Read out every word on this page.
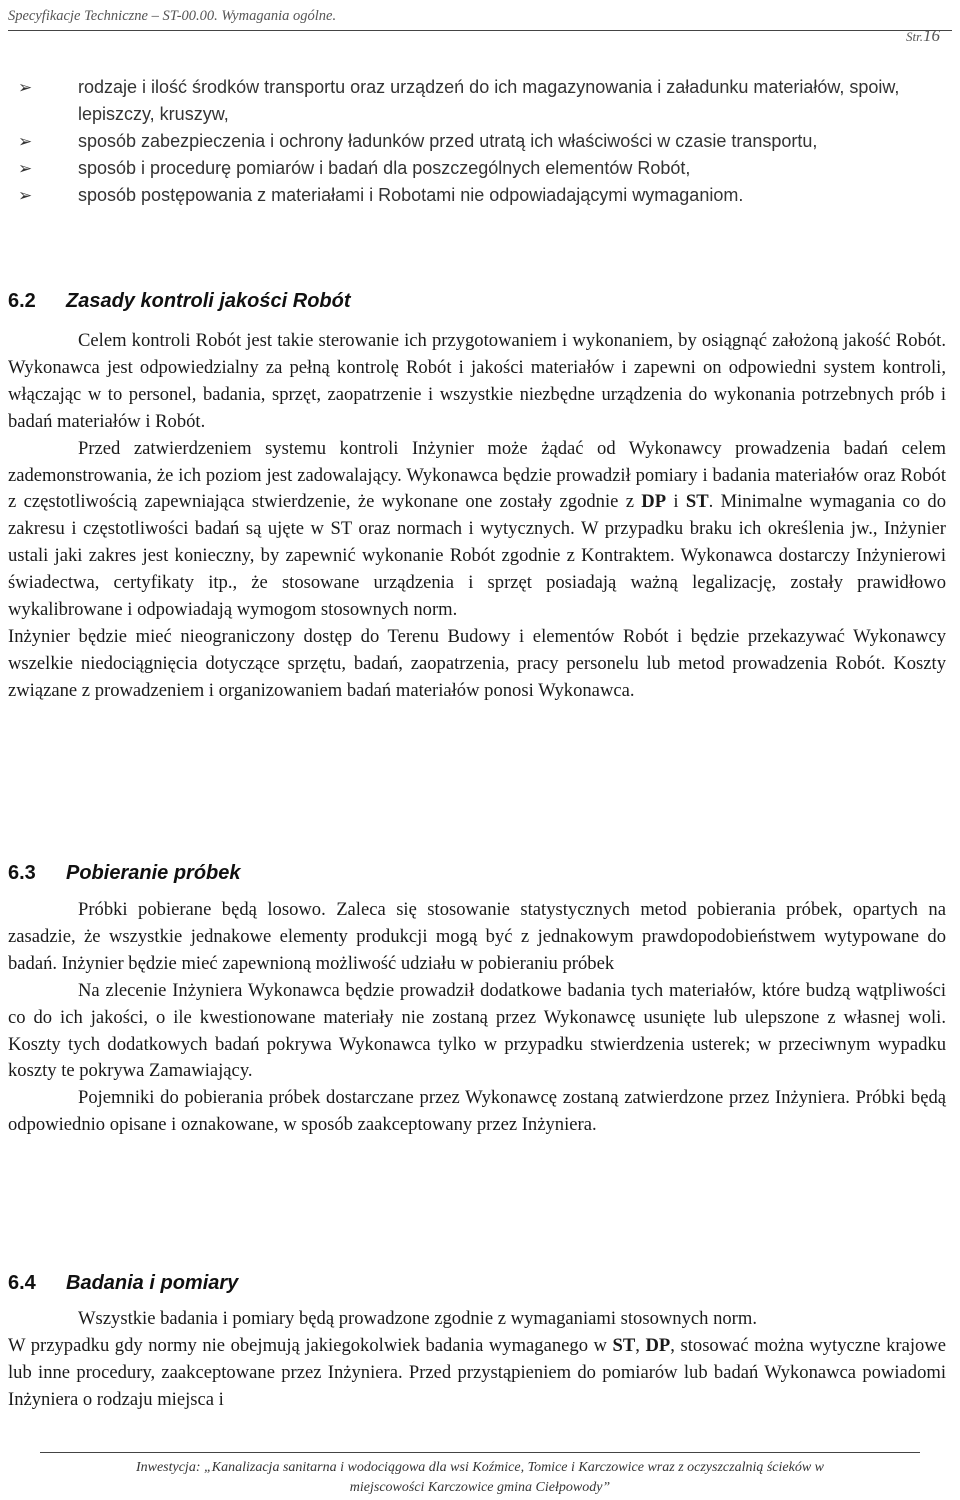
Specyfikacje Techniczne – ST-00.00. Wymagania ogólne.
Str.16
➢	rodzaje i ilość środków transportu oraz urządzeń do ich magazynowania i załadunku materiałów, spoiw, lepiszczy, kruszyw,
➢	sposób zabezpieczenia i ochrony ładunków przed utratą ich właściwości w czasie transportu,
➢	sposób i procedurę pomiarów i badań dla poszczególnych elementów Robót,
➢	sposób postępowania z materiałami i Robotami nie odpowiadającymi wymaganiom.
6.2 Zasady kontroli jakości Robót

Celem kontroli Robót jest takie sterowanie ich przygotowaniem i wykonaniem, by osiągnąć założoną jakość Robót. Wykonawca jest odpowiedzialny za pełną kontrolę Robót i jakości materiałów i zapewni on odpowiedni system kontroli, włączając w to personel, badania, sprzęt, zaopatrzenie i wszystkie niezbędne urządzenia do wykonania potrzebnych prób i badań materiałów i Robót.

Przed zatwierdzeniem systemu kontroli Inżynier może żądać od Wykonawcy prowadzenia badań celem zademonstrowania, że ich poziom jest zadowalający. Wykonawca będzie prowadził pomiary i badania materiałów oraz Robót z częstotliwością zapewniająca stwierdzenie, że wykonane one zostały zgodnie z DP i ST. Minimalne wymagania co do zakresu i częstotliwości badań są ujęte w ST oraz normach i wytycznych. W przypadku braku ich określenia jw., Inżynier ustali jaki zakres jest konieczny, by zapewnić wykonanie Robót zgodnie z Kontraktem. Wykonawca dostarczy Inżynierowi świadectwa, certyfikaty itp., że stosowane urządzenia i sprzęt posiadają ważną legalizację, zostały prawidłowo wykalibrowane i odpowiadają wymogom stosownych norm.

Inżynier będzie mieć nieograniczony dostęp do Terenu Budowy i elementów Robót i będzie przekazywać Wykonawcy wszelkie niedociągnięcia dotyczące sprzętu, badań, zaopatrzenia, pracy personelu lub metod prowadzenia Robót. Koszty związane z prowadzeniem i organizowaniem badań materiałów ponosi Wykonawca.

6.3 Pobieranie próbek

Próbki pobierane będą losowo. Zaleca się stosowanie statystycznych metod pobierania próbek, opartych na zasadzie, że wszystkie jednakowe elementy produkcji mogą być z jednakowym prawdopodobieństwem wytypowane do badań. Inżynier będzie mieć zapewnioną możliwość udziału w pobieraniu próbek

Na zlecenie Inżyniera Wykonawca będzie prowadził dodatkowe badania tych materiałów, które budzą wątpliwości co do ich jakości, o ile kwestionowane materiały nie zostaną przez Wykonawcę usunięte lub ulepszone z własnej woli. Koszty tych dodatkowych badań pokrywa Wykonawca tylko w przypadku stwierdzenia usterek; w przeciwnym wypadku koszty te pokrywa Zamawiający.

Pojemniki do pobierania próbek dostarczane przez Wykonawcę zostaną zatwierdzone przez Inżyniera. Próbki będą odpowiednio opisane i oznakowane, w sposób zaakceptowany przez Inżyniera.

6.4 Badania i pomiary

Wszystkie badania i pomiary będą prowadzone zgodnie z wymaganiami stosownych norm.

W przypadku gdy normy nie obejmują jakiegokolwiek badania wymaganego w ST, DP, stosować można wytyczne krajowe lub inne procedury, zaakceptowane przez Inżyniera. Przed przystąpieniem do pomiarów lub badań Wykonawca powiadomi Inżyniera o rodzaju miejsca i

Inwestycja: „Kanalizacja sanitarna i wodociągowa dla wsi Koźmice, Tomice i Karczowice wraz z oczyszczalnią ścieków w
miejscowości Karczowice gmina Ciełpowody”
